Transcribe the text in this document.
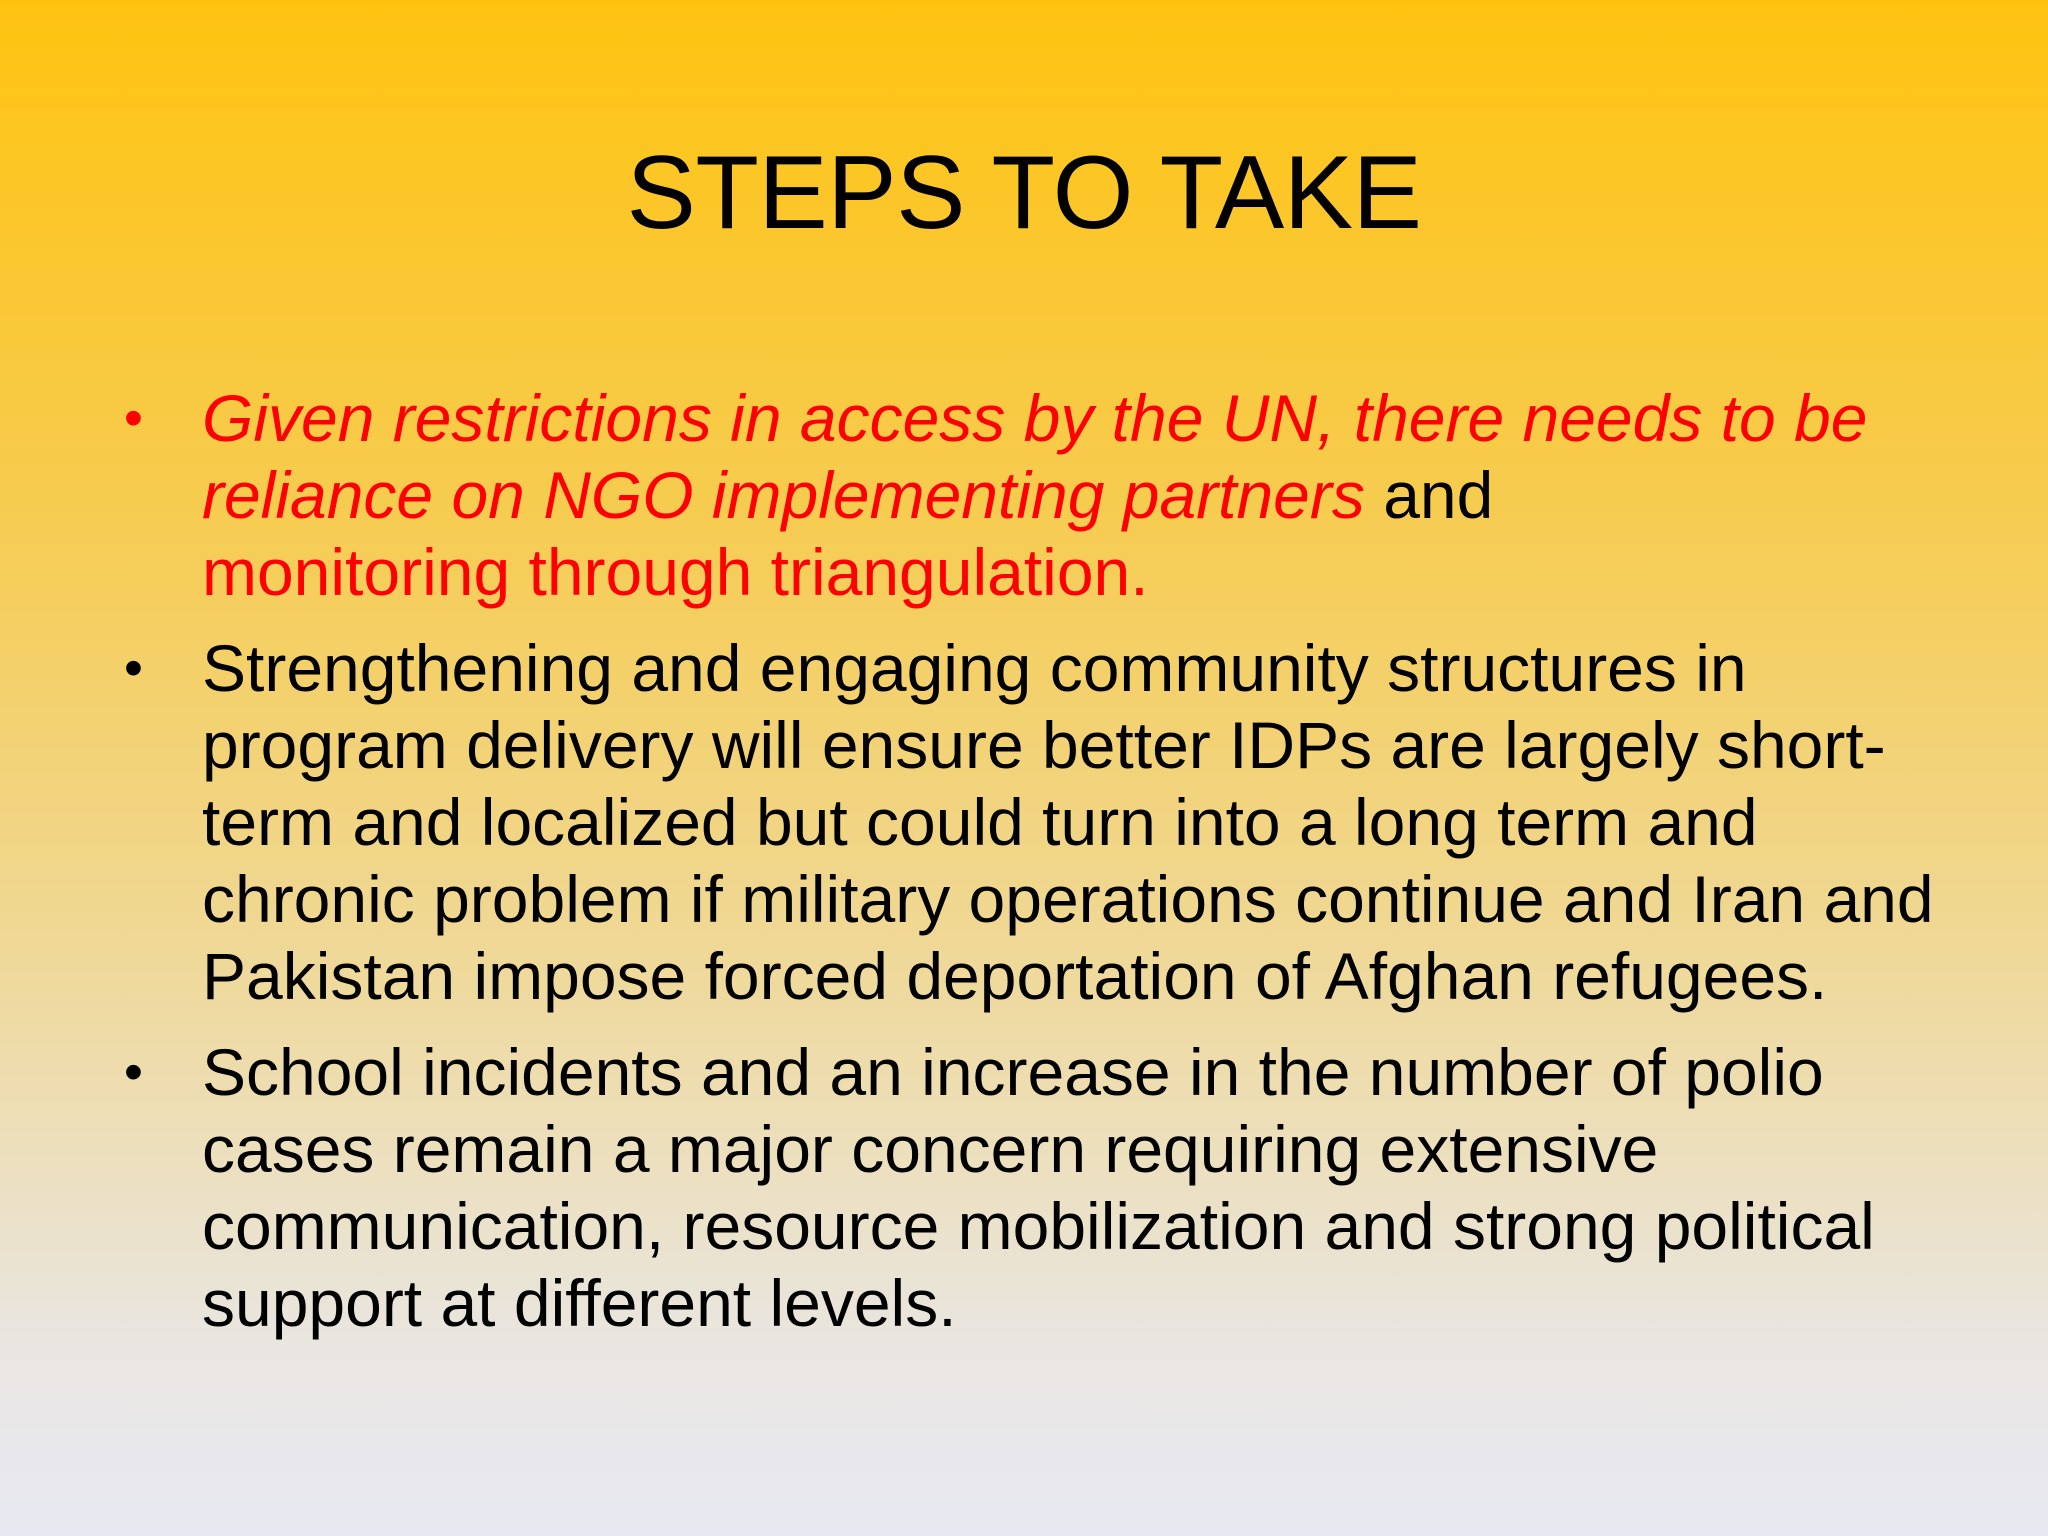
STEPS TO TAKE
• Given restrictions in access by the UN, there needs to be reliance on NGO implementing partners and
monitoring through triangulation.
• Strengthening and engaging community structures in program delivery will ensure better IDPs are largely short-term and localized but could turn into a long term and chronic problem if military operations continue and Iran and Pakistan impose forced deportation of Afghan refugees.
• School incidents and an increase in the number of polio cases remain a major concern requiring extensive communication, resource mobilization and strong political support at different levels.
